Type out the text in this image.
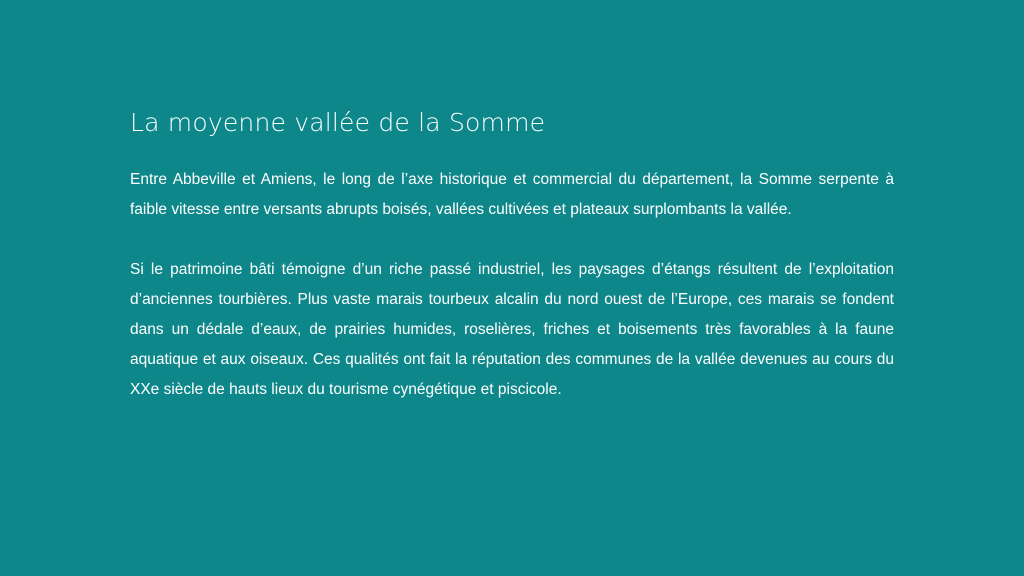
La moyenne vallée de la Somme

Entre Abbeville et Amiens, le long de l’axe historique et commercial du département, la Somme serpente à faible vitesse entre versants abrupts boisés, vallées cultivées et plateaux surplombants la vallée.

Si le patrimoine bâti témoigne d’un riche passé industriel, les paysages d’étangs résultent de l’exploitation d’anciennes tourbières. Plus vaste marais tourbeux alcalin du nord ouest de l’Europe, ces marais se fondent dans un dédale d’eaux, de prairies humides, roselières, friches et boisements très favorables à la faune aquatique et aux oiseaux. Ces qualités ont fait la réputation des communes de la vallée devenues au cours du XXe siècle de hauts lieux du tourisme cynégétique et piscicole.
